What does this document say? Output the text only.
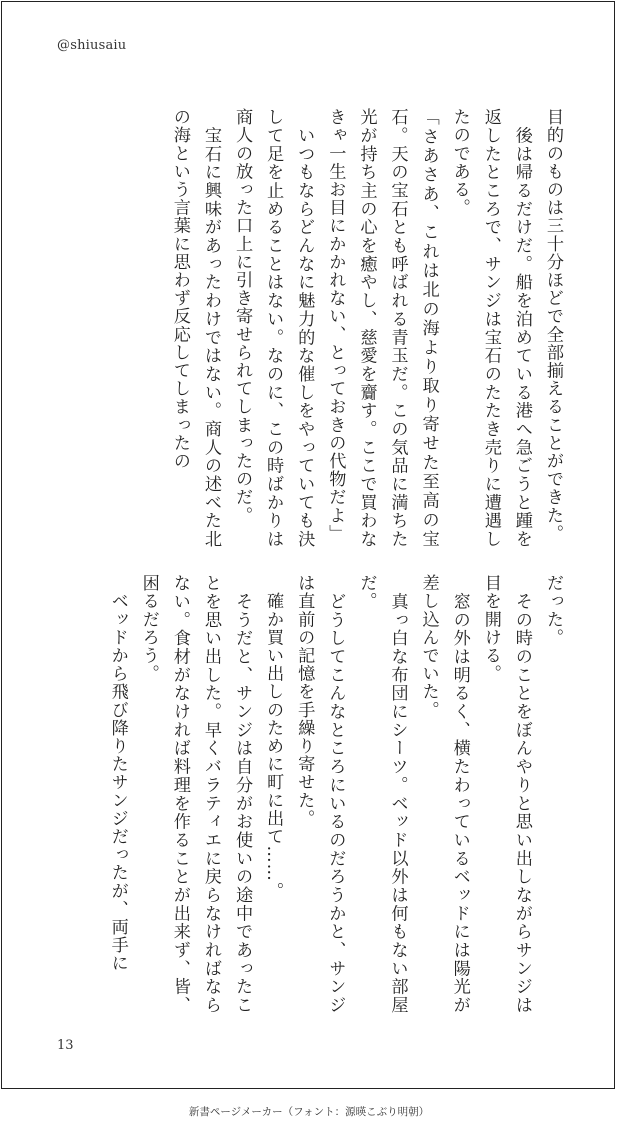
@shiusaiu

目的のものは三十分ほどで全部揃えることができた。

　後は帰るだけだ。船を泊めている港へ急ごうと踵を返したところで、サンジは宝石のたたき売りに遭遇したのである。

「さあさあ、これは北の海より取り寄せた至高の宝石。天の宝石とも呼ばれる青玉だ。この気品に満ちた光が持ち主の心を癒やし、慈愛を齎す。ここで買わなきゃ一生お目にかかれない、とっておきの代物だよ」

　いつもならどんなに魅力的な催しをやっていても決して足を止めることはない。なのに、この時ばかりは商人の放った口上に引き寄せられてしまったのだ。

　宝石に興味があったわけではない。商人の述べた北の海という言葉に思わず反応してしまったの

だった。

　その時のことをぼんやりと思い出しながらサンジは目を開ける。

　窓の外は明るく、横たわっているベッドには陽光が差し込んでいた。

　真っ白な布団にシーツ。ベッド以外は何もない部屋だ。

　どうしてこんなところにいるのだろうかと、サンジは直前の記憶を手繰り寄せた。

　確か買い出しのために町に出て……。

　そうだと、サンジは自分がお使いの途中であったことを思い出した。早くバラティエに戻らなければならない。食材がなければ料理を作ることが出来ず、皆、困るだろう。

　ベッドから飛び降りたサンジだったが、両手に

13
新書ページメーカー（フォント：源暎こぶり明朝）
